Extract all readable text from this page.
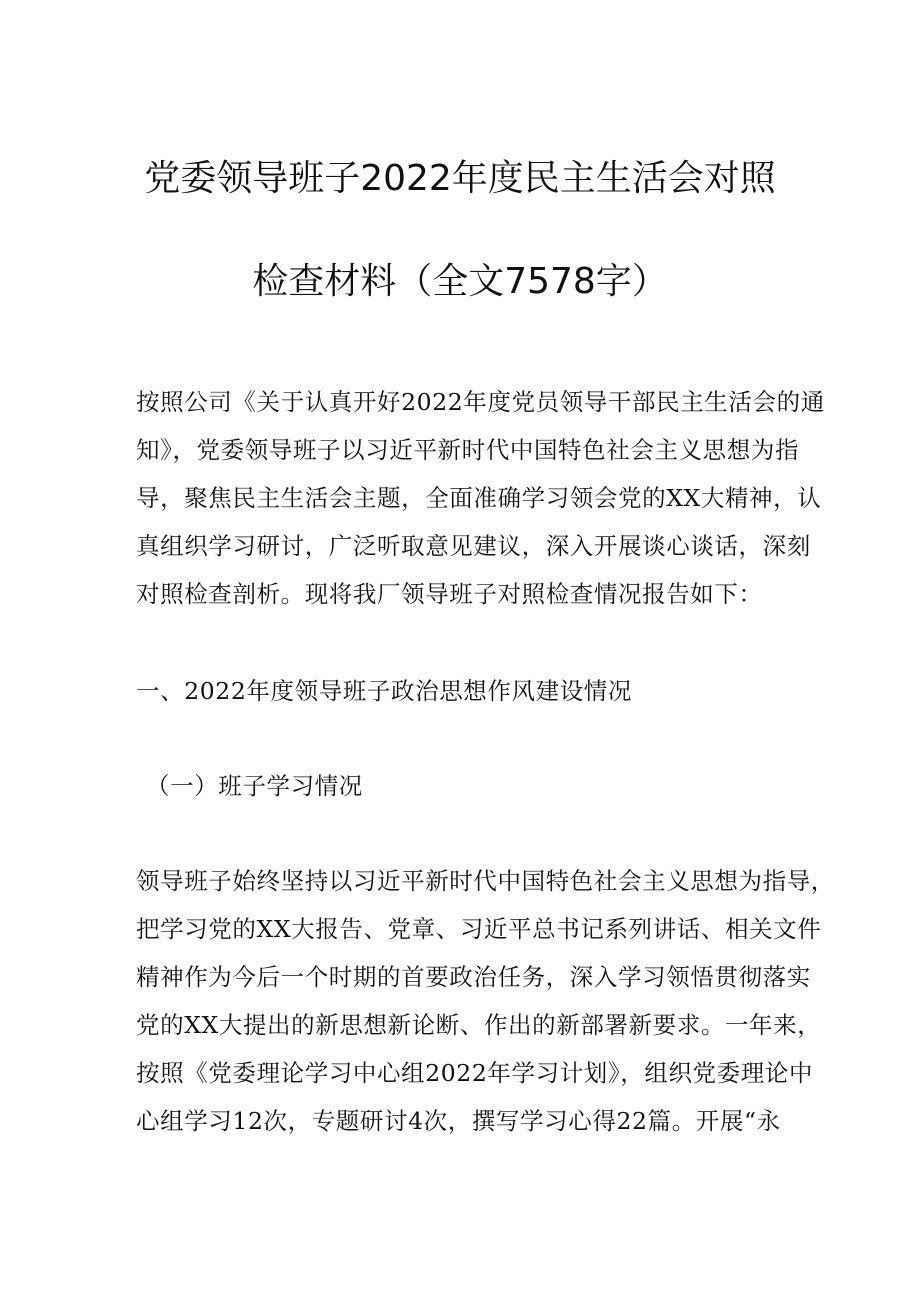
党委领导班子2022年度民主生活会对照
检查材料（全文7578字）
按照公司《关于认真开好2022年度党员领导干部民主生活会的通
知》，党委领导班子以习近平新时代中国特色社会主义思想为指
导，聚焦民主生活会主题，全面准确学习领会党的XX大精神，认
真组织学习研讨，广泛听取意见建议，深入开展谈心谈话，深刻
对照检查剖析。现将我厂领导班子对照检查情况报告如下：
一、2022年度领导班子政治思想作风建设情况
（一）班子学习情况
领导班子始终坚持以习近平新时代中国特色社会主义思想为指导，
把学习党的XX大报告、党章、习近平总书记系列讲话、相关文件
精神作为今后一个时期的首要政治任务，深入学习领悟贯彻落实
党的XX大提出的新思想新论断、作出的新部署新要求。一年来，
按照《党委理论学习中心组2022年学习计划》，组织党委理论中
心组学习12次，专题研讨4次，撰写学习心得22篇。开展“永
